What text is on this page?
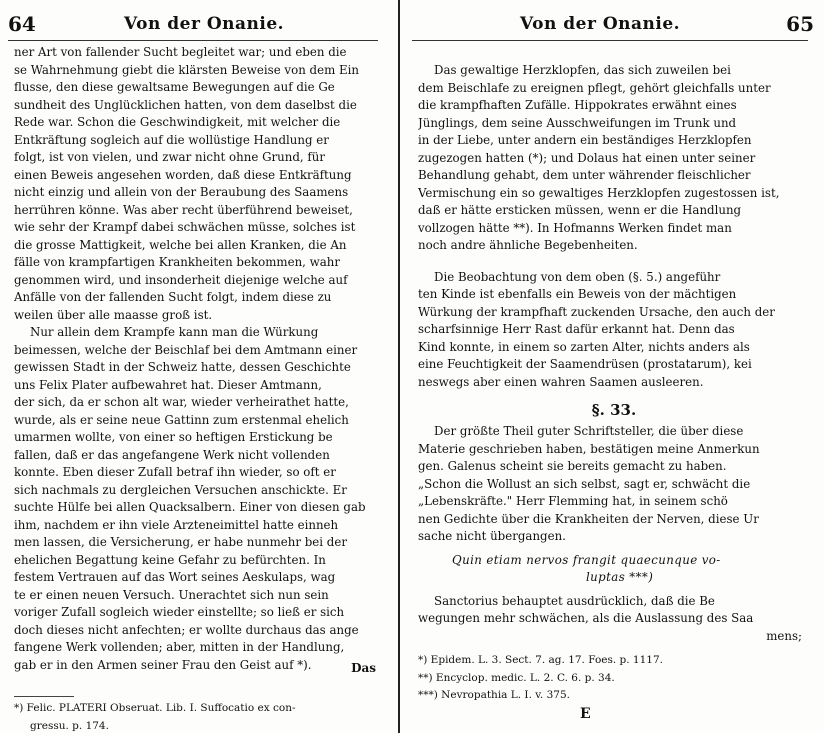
64	Von der Onanie.
ner Art von fallender Sucht begleitet war; und eben die
se Wahrnehmung giebt die klärsten Beweise von dem Ein
flusse, den diese gewaltsame Bewegungen auf die Ge
sundheit des Unglücklichen hatten, von dem daselbst die
Rede war. Schon die Geschwindigkeit, mit welcher die
Entkräftung sogleich auf die wollüstige Handlung er
folgt, ist von vielen, und zwar nicht ohne Grund, für
einen Beweis angesehen worden, daß diese Entkräftung
nicht einzig und allein von der Beraubung des Saamens
herrühren könne. Was aber recht überführend beweiset,
wie sehr der Krampf dabei schwächen müsse, solches ist
die grosse Mattigkeit, welche bei allen Kranken, die An
fälle von krampfartigen Krankheiten bekommen, wahr
genommen wird, und insonderheit diejenige welche auf
Anfälle von der fallenden Sucht folgt, indem diese zu
weilen über alle maasse groß ist.
Nur allein dem Krampfe kann man die Würkung
beimessen, welche der Beischlaf bei dem Amtmann einer
gewissen Stadt in der Schweiz hatte, dessen Geschichte
uns Felix Plater aufbewahret hat. Dieser Amtmann,
der sich, da er schon alt war, wieder verheirathet hatte,
wurde, als er seine neue Gattinn zum erstenmal ehelich
umarmen wollte, von einer so heftigen Erstickung be
fallen, daß er das angefangene Werk nicht vollenden
konnte. Eben dieser Zufall betraf ihn wieder, so oft er
sich nachmals zu dergleichen Versuchen anschickte. Er
suchte Hülfe bei allen Quacksalbern. Einer von diesen gab
ihm, nachdem er ihn viele Arzteneimittel hatte einneh
men lassen, die Versicherung, er habe nunmehr bei der
ehelichen Begattung keine Gefahr zu befürchten. In
festem Vertrauen auf das Wort seines Aeskulaps, wag
te er einen neuen Versuch. Unerachtet sich nun sein
voriger Zufall sogleich wieder einstellte; so ließ er sich
doch dieses nicht anfechten; er wollte durchaus das ange
fangene Werk vollenden; aber, mitten in der Handlung,
gab er in den Armen seiner Frau den Geist auf *).
*) Felic. PLATERI Obseruat. Lib. I. Suffocatio ex con-
gressu. p. 174.
Das
Von der Onanie.	65
Das gewaltige Herzklopfen, das sich zuweilen bei
dem Beischlafe zu ereignen pflegt, gehört gleichfalls unter
die krampfhaften Zufälle. Hippokrates erwähnt eines
Jünglings, dem seine Ausschweifungen im Trunk und
in der Liebe, unter andern ein beständiges Herzklopfen
zugezogen hatten (*); und Dolaus hat einen unter seiner
Behandlung gehabt, dem unter währender fleischlicher
Vermischung ein so gewaltiges Herzklopfen zugestossen ist,
daß er hätte ersticken müssen, wenn er die Handlung
vollzogen hätte **). In Hofmanns Werken findet man
noch andre ähnliche Begebenheiten.
Die Beobachtung von dem oben (§. 5.) angeführ
ten Kinde ist ebenfalls ein Beweis von der mächtigen
Würkung der krampfhaft zuckenden Ursache, den auch der
scharfsinnige Herr Rast dafür erkannt hat. Denn das
Kind konnte, in einem so zarten Alter, nichts anders als
eine Feuchtigkeit der Saamendrüsen (prostatarum), kei
neswegs aber einen wahren Saamen ausleeren.
§. 33.
Der größte Theil guter Schriftsteller, die über diese
Materie geschrieben haben, bestätigen meine Anmerkun
gen. Galenus scheint sie bereits gemacht zu haben.
„Schon die Wollust an sich selbst, sagt er, schwächt die
„Lebenskräfte." Herr Flemming hat, in seinem schö
nen Gedichte über die Krankheiten der Nerven, diese Ur
sache nicht übergangen.
Quin etiam nervos frangit quaecunque vo-
luptas ***)
Sanctorius behauptet ausdrücklich, daß die Be
wegungen mehr schwächen, als die Auslassung des Saa
mens;
*) Epidem. L. 3. Sect. 7. ag. 17. Foes. p. 1117.
**) Encyclop. medic. L. 2. C. 6. p. 34.
***) Nevropathia L. I. v. 375.
E
